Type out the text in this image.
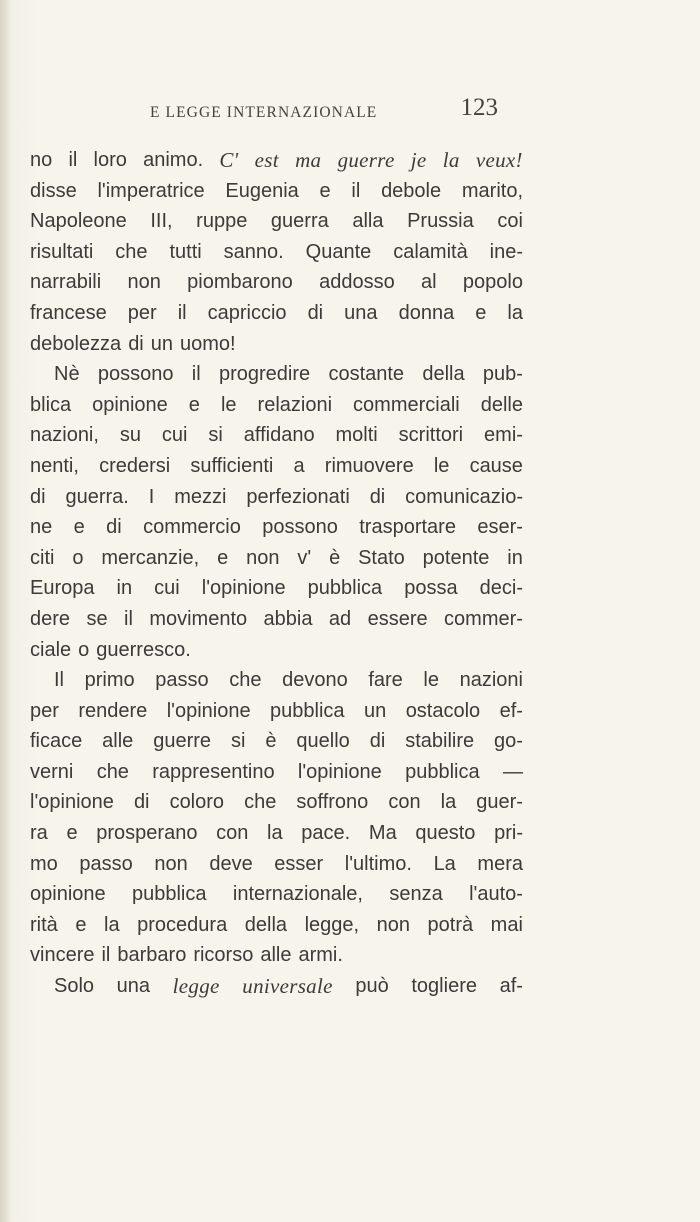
E LEGGE INTERNAZIONALE	123
no il loro animo. C' est ma guerre je la veux!
disse l'imperatrice Eugenia e il debole marito,
Napoleone III, ruppe guerra alla Prussia coi
risultati che tutti sanno. Quante calamità ine-
narrabili non piombarono addosso al popolo
francese per il capriccio di una donna e la
debolezza di un uomo!
Nè possono il progredire costante della pub-
blica opinione e le relazioni commerciali delle
nazioni, su cui si affidano molti scrittori emi-
nenti, credersi sufficienti a rimuovere le cause
di guerra. I mezzi perfezionati di comunicazio-
ne e di commercio possono trasportare eser-
citi o mercanzie, e non v' è Stato potente in
Europa in cui l'opinione pubblica possa deci-
dere se il movimento abbia ad essere commer-
ciale o guerresco.
Il primo passo che devono fare le nazioni
per rendere l'opinione pubblica un ostacolo ef-
ficace alle guerre si è quello di stabilire go-
verni che rappresentino l'opinione pubblica —
l'opinione di coloro che soffrono con la guer-
ra e prosperano con la pace. Ma questo pri-
mo passo non deve esser l'ultimo. La mera
opinione pubblica internazionale, senza l'auto-
rità e la procedura della legge, non potrà mai
vincere il barbaro ricorso alle armi.
Solo una legge universale può togliere af-
